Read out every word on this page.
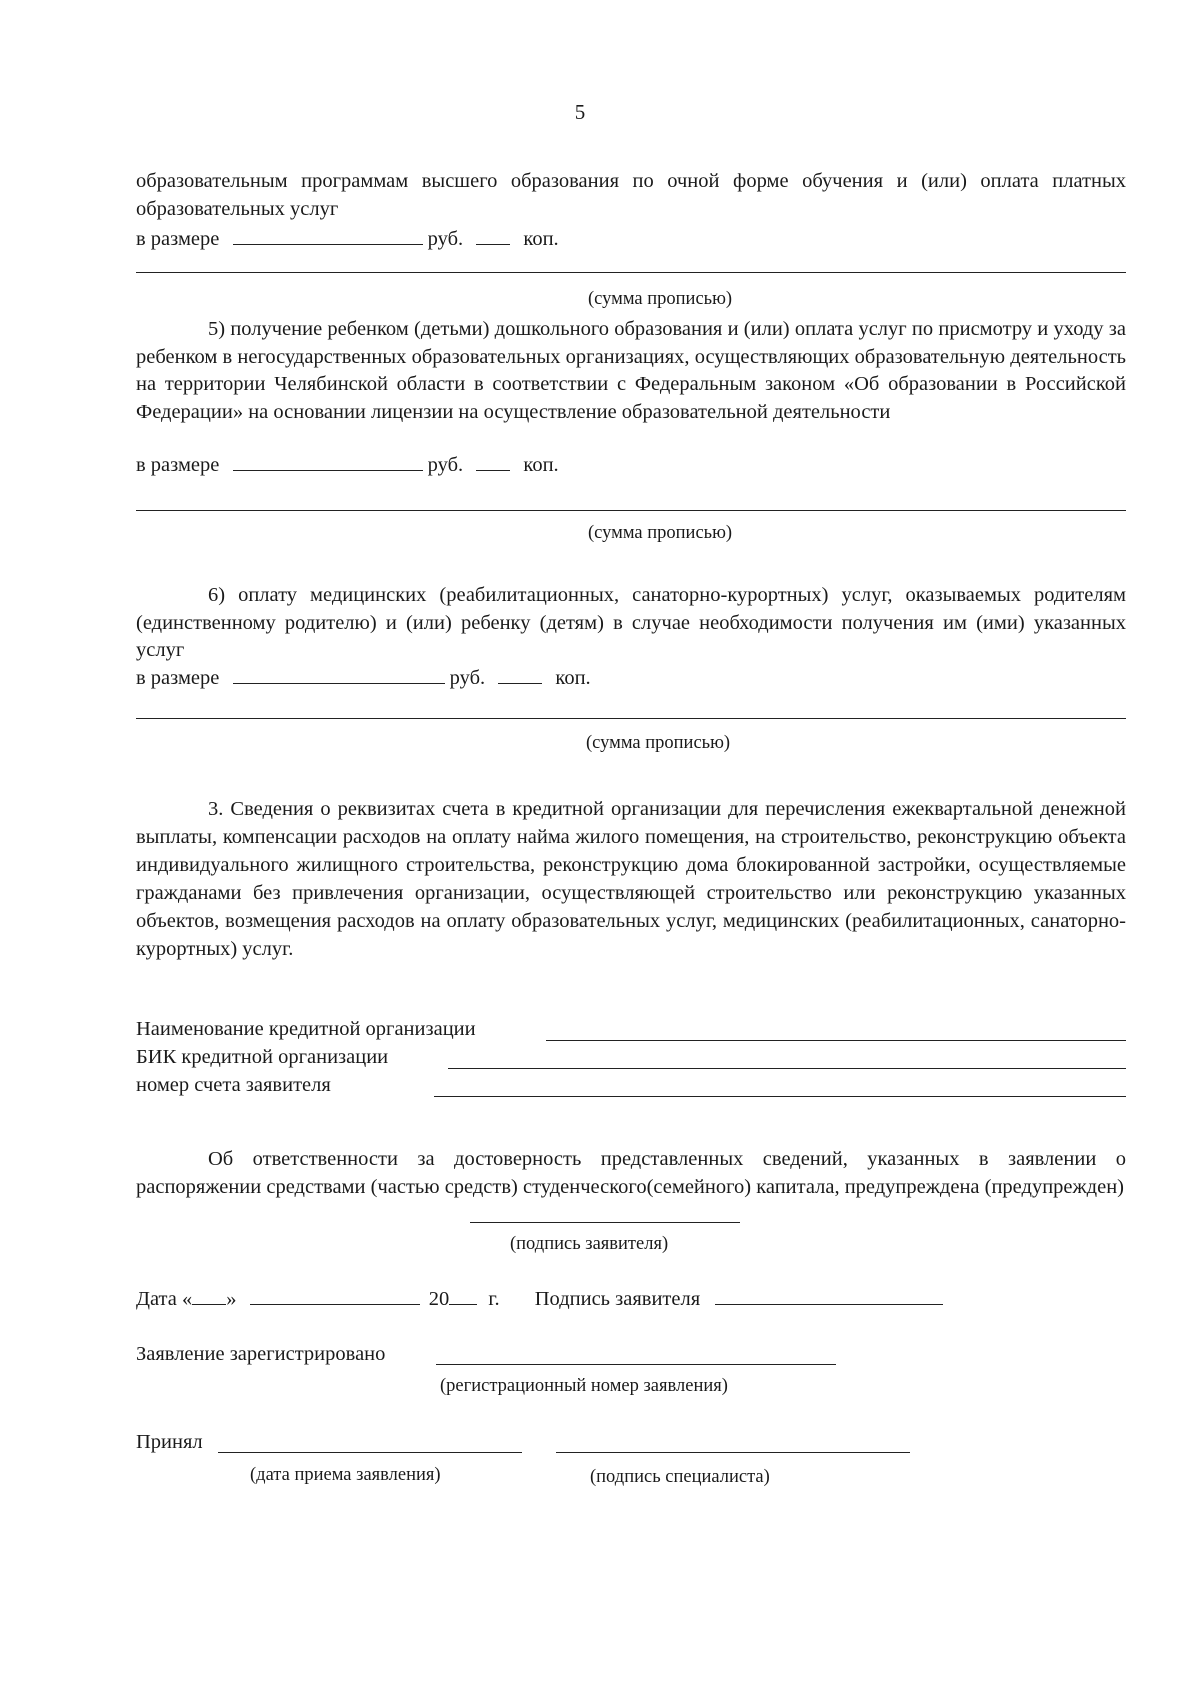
5
образовательным программам высшего образования по очной форме обучения и (или) оплата платных образовательных услуг
в размере	руб.	коп.
(сумма прописью)
5) получение ребенком (детьми) дошкольного образования и (или) оплата услуг по присмотру и уходу за ребенком в негосударственных образовательных организациях, осуществляющих образовательную деятельность на территории Челябинской области в соответствии с Федеральным законом «Об образовании в Российской Федерации» на основании лицензии на осуществление образовательной деятельности
в размере	руб.	коп.
(сумма прописью)
6) оплату медицинских (реабилитационных, санаторно-курортных) услуг, оказываемых родителям (единственному родителю) и (или) ребенку (детям) в случае необходимости получения им (ими) указанных услуг
в размере	руб.	коп.
(сумма прописью)
3. Сведения о реквизитах счета в кредитной организации для перечисления ежеквартальной денежной выплаты, компенсации расходов на оплату найма жилого помещения, на строительство, реконструкцию объекта индивидуального жилищного строительства, реконструкцию дома блокированной застройки, осуществляемые гражданами без привлечения организации, осуществляющей строительство или реконструкцию указанных объектов, возмещения расходов на оплату образовательных услуг, медицинских (реабилитационных, санаторно-курортных) услуг.
Наименование кредитной организации
БИК кредитной организации
номер счета заявителя
Об ответственности за достоверность представленных сведений, указанных в заявлении о распоряжении средствами (частью средств) студенческого(семейного) капитала, предупреждена (предупрежден)
(подпись заявителя)
Дата « »	20 г. Подпись заявителя
Заявление зарегистрировано
(регистрационный номер заявления)
Принял
(дата приема заявления)	(подпись специалиста)
